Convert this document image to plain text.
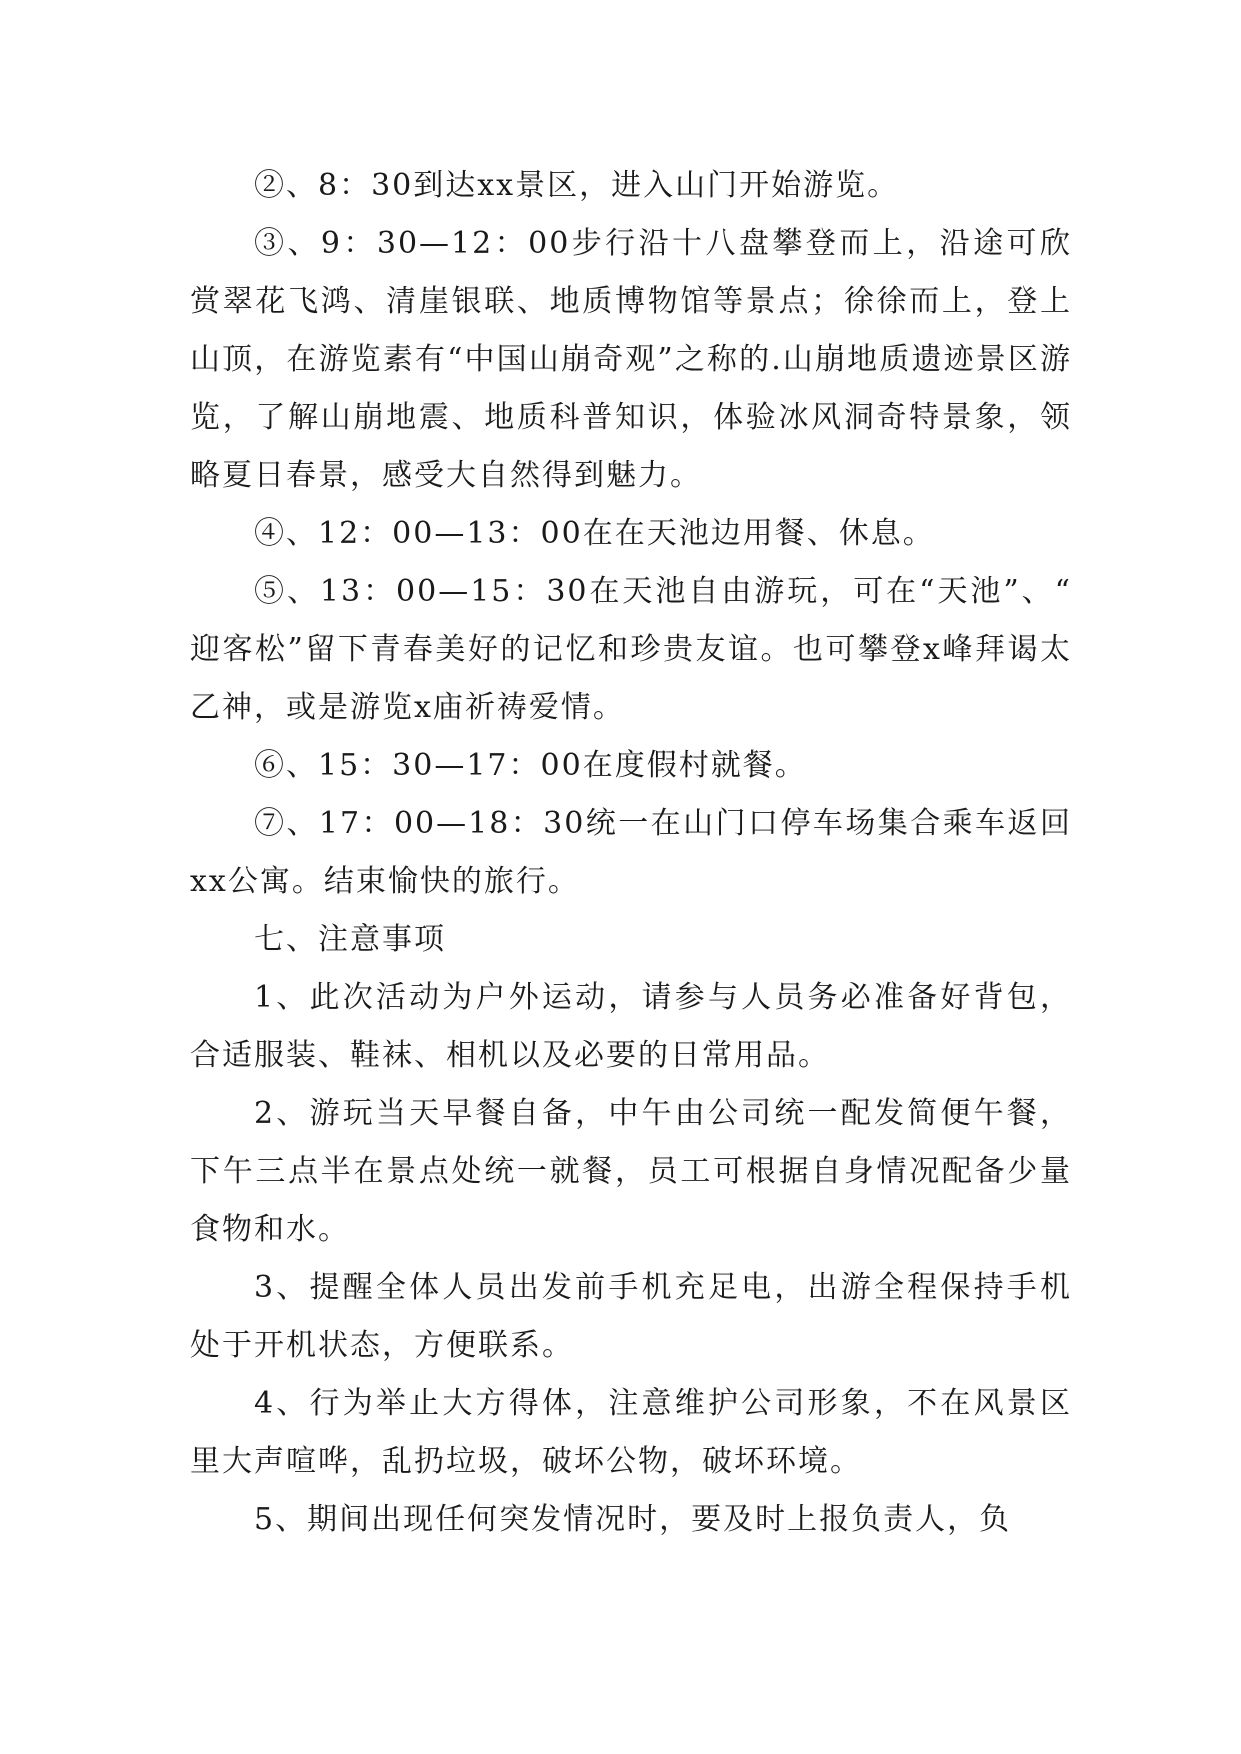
②、8：30到达xx景区，进入山门开始游览。

③、9：30—12：00步行沿十八盘攀登而上，沿途可欣赏翠花飞鸿、清崖银联、地质博物馆等景点；徐徐而上，登上山顶，在游览素有“中国山崩奇观”之称的.山崩地质遗迹景区游览，了解山崩地震、地质科普知识，体验冰风洞奇特景象，领略夏日春景，感受大自然得到魅力。

④、12：00—13：00在在天池边用餐、休息。

⑤、13：00—15：30在天池自由游玩，可在“天池”、“迎客松”留下青春美好的记忆和珍贵友谊。也可攀登x峰拜谒太乙神，或是游览x庙祈祷爱情。

⑥、15：30—17：00在度假村就餐。

⑦、17：00—18：30统一在山门口停车场集合乘车返回xx公寓。结束愉快的旅行。

七、注意事项

1、此次活动为户外运动，请参与人员务必准备好背包，合适服装、鞋袜、相机以及必要的日常用品。

2、游玩当天早餐自备，中午由公司统一配发简便午餐，下午三点半在景点处统一就餐，员工可根据自身情况配备少量食物和水。

3、提醒全体人员出发前手机充足电，出游全程保持手机处于开机状态，方便联系。

4、行为举止大方得体，注意维护公司形象，不在风景区里大声喧哗，乱扔垃圾，破坏公物，破坏环境。

5、期间出现任何突发情况时，要及时上报负责人，负
